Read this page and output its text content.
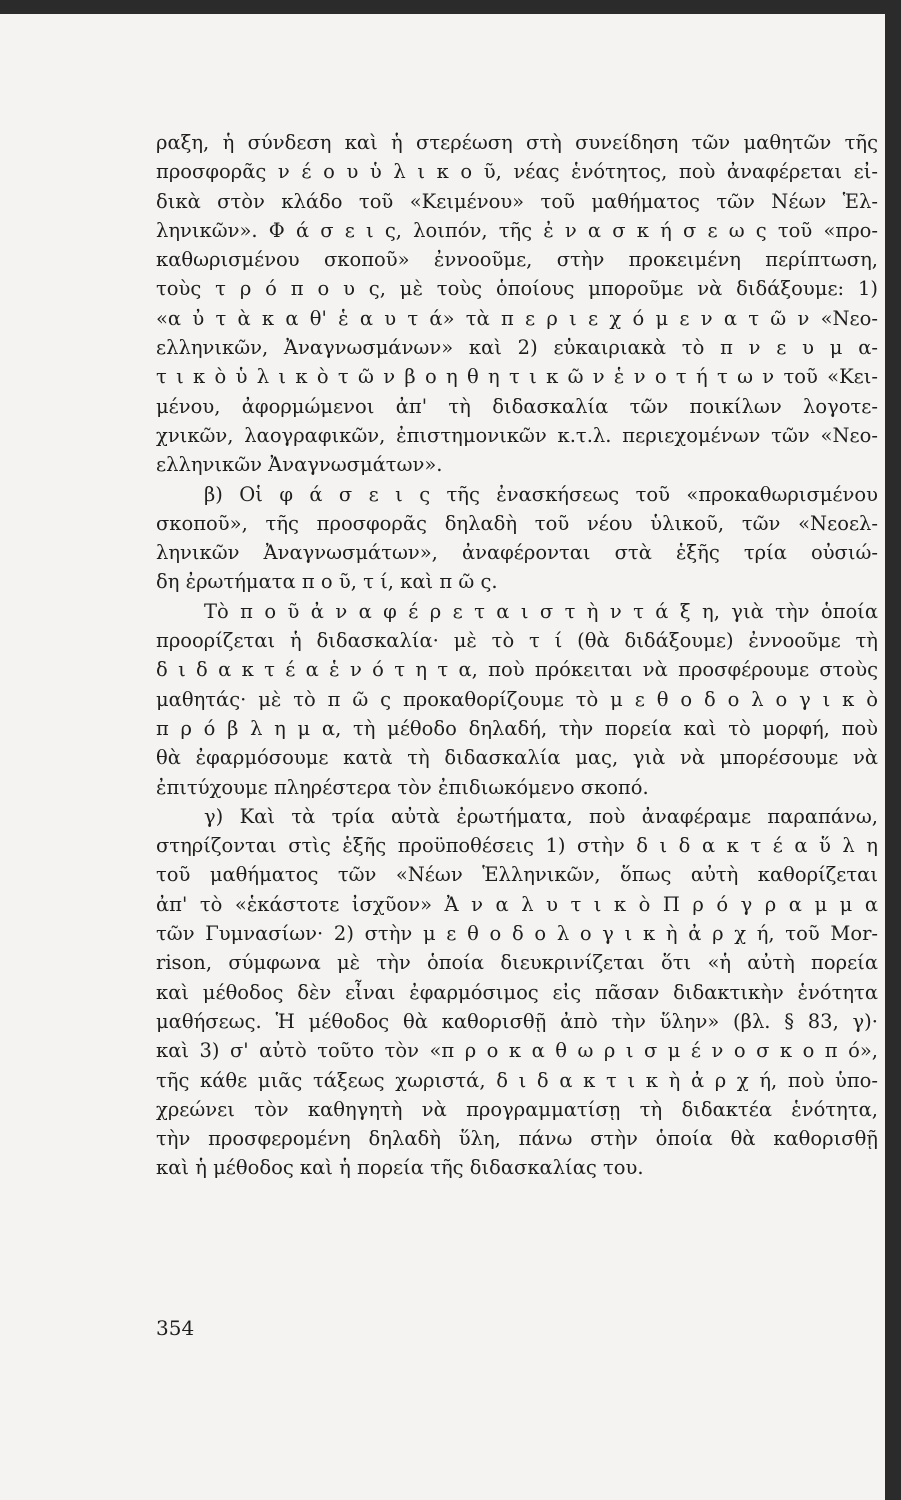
ραξη, ἡ σύνδεση καὶ ἡ στερέωση στὴ συνείδηση τῶν μαθητῶν τῆς
προσφορᾶς ν έ ο υ ὑ λ ι κ ο ῦ, νέας ἑνότητος, ποὺ ἀναφέρεται εἰ-
δικὰ στὸν κλάδο τοῦ «Κειμένου» τοῦ μαθήματος τῶν Νέων Ἑλ-
ληνικῶν». Φ ά σ ε ι ς, λοιπόν, τῆς ἐ ν α σ κ ή σ ε ω ς τοῦ «προ-
καθωρισμένου σκοποῦ» ἐννοοῦμε, στὴν προκειμένη περίπτωση,
τοὺς τ ρ ό π ο υ ς, μὲ τοὺς ὁποίους μποροῦμε νὰ διδάξουμε: 1)
«α ὐ τ ὰ κ α θ' ἑ α υ τ ά» τὰ π ε ρ ι ε χ ό μ ε ν α τ ῶ ν «Νεο-
ελληνικῶν, Ἀναγνωσμάνων» καὶ 2) εὐκαιριακὰ τὸ π ν ε υ μ α-
τ ι κ ὸ ὑ λ ι κ ὸ τ ῶ ν β ο η θ η τ ι κ ῶ ν ἑ ν ο τ ή τ ω ν τοῦ «Κει-
μένου, ἀφορμώμενοι ἀπ' τὴ διδασκαλία τῶν ποικίλων λογοτε-
χνικῶν, λαογραφικῶν, ἐπιστημονικῶν κ.τ.λ. περιεχομένων τῶν «Νεο-
ελληνικῶν Ἀναγνωσμάτων».
β) Οἱ φ ά σ ε ι ς τῆς ἐνασκήσεως τοῦ «προκαθωρισμένου
σκοποῦ», τῆς προσφορᾶς δηλαδὴ τοῦ νέου ὑλικοῦ, τῶν «Νεοελ-
ληνικῶν Ἀναγνωσμάτων», ἀναφέρονται στὰ ἑξῆς τρία οὐσιώ-
δη ἐρωτήματα π ο ῦ, τ ί, καὶ π ῶ ς.
Τὸ π ο ῦ ἀ ν α φ έ ρ ε τ α ι σ τ ὴ ν τ ά ξ η, γιὰ τὴν ὁποία
προορίζεται ἡ διδασκαλία· μὲ τὸ τ ί (θὰ διδάξουμε) ἐννοοῦμε τὴ
δ ι δ α κ τ έ α ἑ ν ό τ η τ α, ποὺ πρόκειται νὰ προσφέρουμε στοὺς
μαθητάς· μὲ τὸ π ῶ ς προκαθορίζουμε τὸ μ ε θ ο δ ο λ ο γ ι κ ὸ
π ρ ό β λ η μ α, τὴ μέθοδο δηλαδή, τὴν πορεία καὶ τὸ μορφή, ποὺ
θὰ ἐφαρμόσουμε κατὰ τὴ διδασκαλία μας, γιὰ νὰ μπορέσουμε νὰ
ἐπιτύχουμε πληρέστερα τὸν ἐπιδιωκόμενο σκοπό.
γ) Καὶ τὰ τρία αὐτὰ ἐρωτήματα, ποὺ ἀναφέραμε παραπάνω,
στηρίζονται στὶς ἑξῆς προϋποθέσεις 1) στὴν δ ι δ α κ τ έ α ὕ λ η
τοῦ μαθήματος τῶν «Νέων Ἑλληνικῶν, ὅπως αὐτὴ καθορίζεται
ἀπ' τὸ «ἑκάστοτε ἰσχῦον» Ἀ ν α λ υ τ ι κ ὸ Π ρ ό γ ρ α μ μ α
τῶν Γυμνασίων· 2) στὴν μ ε θ ο δ ο λ ο γ ι κ ὴ ἀ ρ χ ή, τοῦ Mor-
rison, σύμφωνα μὲ τὴν ὁποία διευκρινίζεται ὅτι «ἡ αὐτὴ πορεία
καὶ μέθοδος δὲν εἶναι ἐφαρμόσιμος εἰς πᾶσαν διδακτικὴν ἑνότητα
μαθήσεως. Ἡ μέθοδος θὰ καθορισθῇ ἀπὸ τὴν ὕλην» (βλ. § 83, γ)·
καὶ 3) σ' αὐτὸ τοῦτο τὸν «π ρ ο κ α θ ω ρ ι σ μ έ ν ο σ κ ο π ό»,
τῆς κάθε μιᾶς τάξεως χωριστά, δ ι δ α κ τ ι κ ὴ ἀ ρ χ ή, ποὺ ὑπο-
χρεώνει τὸν καθηγητὴ νὰ προγραμματίσῃ τὴ διδακτέα ἑνότητα,
τὴν προσφερομένη δηλαδὴ ὕλη, πάνω στὴν ὁποία θὰ καθορισθῇ
καὶ ἡ μέθοδος καὶ ἡ πορεία τῆς διδασκαλίας του.
354
